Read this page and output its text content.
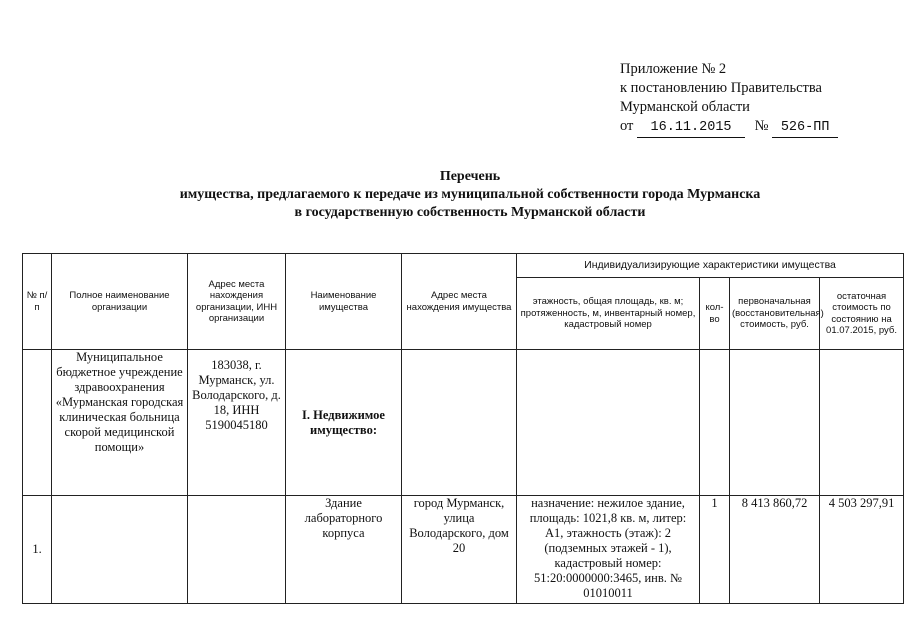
Приложение № 2
к постановлению Правительства
Мурманской области
от 16.11.2015 № 526-ПП
Перечень
имущества, предлагаемого к передаче из муниципальной собственности города Мурманска
в государственную собственность Мурманской области
№ п/п	Полное наименование организации	Адрес места нахождения организации, ИНН организации	Наименование имущества	Адрес места нахождения имущества	Индивидуализирующие характеристики имущества			
					этажность, общая площадь, кв. м; протяженность, м, инвентарный номер, кадастровый номер	кол-во	первоначальная (восстановительная) стоимость, руб.	остаточная стоимость по состоянию на 01.07.2015, руб.
	Муниципальное бюджетное учреждение здравоохранения «Мурманская городская клиническая больница скорой медицинской помощи»	183038, г. Мурманск, ул. Володарского, д. 18, ИНН 5190045180	I. Недвижимое имущество:					
1.			Здание лабораторного корпуса	город Мурманск, улица Володарского, дом 20	назначение: нежилое здание, площадь: 1021,8 кв. м, литер: А1, этажность (этаж): 2 (подземных этажей - 1), кадастровый номер: 51:20:0000000:3465, инв. № 01010011	1	8 413 860,72	4 503 297,91
